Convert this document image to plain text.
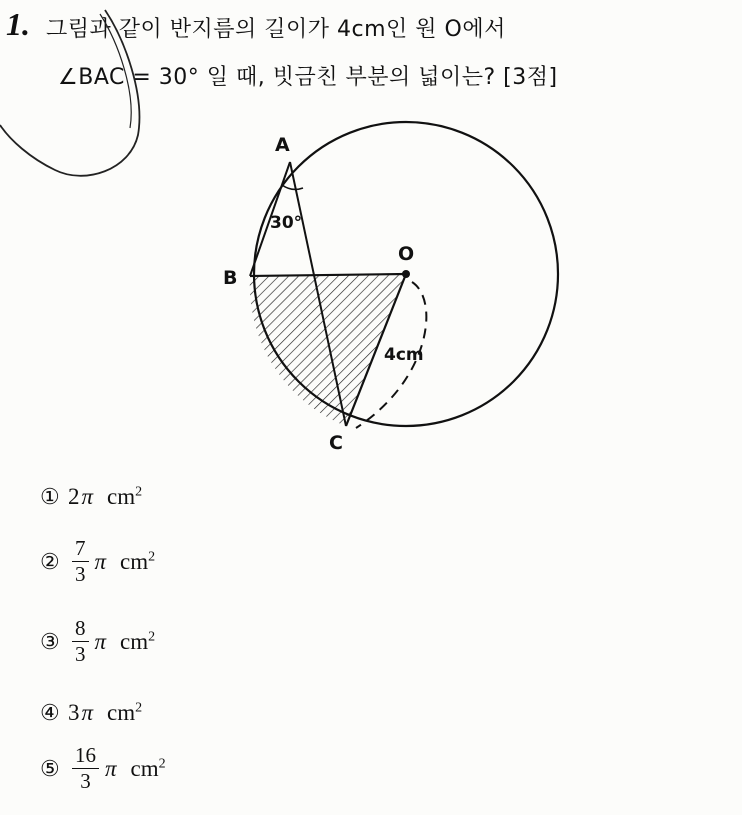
1. 그림과 같이 반지름의 길이가 4cm인 원 O에서
∠BAC = 30° 일 때, 빗금친 부분의 넓이는? [3점]
A
B
C
O
30°
4cm
① 2 π $cm^2$
② $\frac{7}{3}$ π $cm^2$
③ $\frac{8}{3}$ π $cm^2$
④ 3 π $cm^2$
⑤ $\frac{16}{3}$ π $cm^2$
